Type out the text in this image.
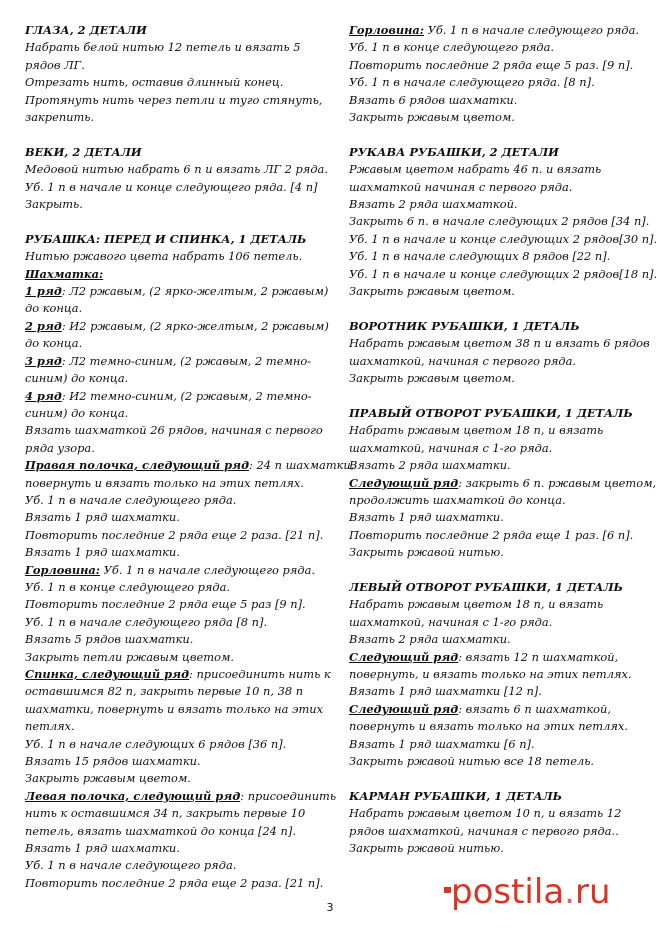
ГЛАЗА, 2 ДЕТАЛИ
Набрать белой нитью 12 петель и вязать 5
рядов ЛГ.
Отрезать нить, оставив длинный конец.
Протянуть нить через петли и туго стянуть,
закрепить.
ВЕКИ, 2 ДЕТАЛИ
Медовой нитью набрать 6 п и вязать ЛГ 2 ряда.
Уб. 1 п в начале и конце следующего ряда. [4 п]
Закрыть.
РУБАШКА: ПЕРЕД И СПИНКА, 1 ДЕТАЛЬ
Нитью ржавого цвета набрать 106 петель.
Шахматка:
1 ряд: Л2 ржавым, (2 ярко-желтым, 2 ржавым)
до конца.
2 ряд: И2 ржавым, (2 ярко-желтым, 2 ржавым)
до конца.
3 ряд: Л2 темно-синим, (2 ржавым, 2 темно-
синим) до конца.
4 ряд: И2 темно-синим, (2 ржавым, 2 темно-
синим) до конца.
Вязать шахматкой 26 рядов, начиная с первого
ряда узора.
Правая полочка, следующий ряд: 24 п шахматки,
повернуть и вязать только на этих петлях.
Уб. 1 п в начале следующего ряда.
Вязать 1 ряд шахматки.
Повторить последние 2 ряда еще 2 раза. [21 п].
Вязать 1 ряд шахматки.
Горловина: Уб. 1 п в начале следующего ряда.
Уб. 1 п в конце следующего ряда.
Повторить последние 2 ряда еще 5 раз [9 п].
Уб. 1 п в начале следующего ряда [8 п].
Вязать 5 рядов шахматки.
Закрыть петли ржавым цветом.
Спинка, следующий ряд: присоединить нить к
оставшимся 82 п, закрыть первые 10 п, 38 п
шахматки, повернуть и вязать только на этих
петлях.
Уб. 1 п в начале следующих 6 рядов [36 п].
Вязать 15 рядов шахматки.
Закрыть ржавым цветом.
Левая полочка, следующий ряд: присоединить
нить к оставшимся 34 п, закрыть первые 10
петель, вязать шахматкой до конца [24 п].
Вязать 1 ряд шахматки.
Уб. 1 п в начале следующего ряда.
Повторить последние 2 ряда еще 2 раза. [21 п].
Горловина: Уб. 1 п в начале следующего ряда.
Уб. 1 п в конце следующего ряда.
Повторить последние 2 ряда еще 5 раз. [9 п].
Уб. 1 п в начале следующего ряда. [8 п].
Вязать 6 рядов шахматки.
Закрыть ржавым цветом.
РУКАВА РУБАШКИ, 2 ДЕТАЛИ
Ржавым цветом набрать 46 п. и вязать
шахматкой начиная с первого ряда.
Вязать 2 ряда шахматкой.
Закрыть 6 п. в начале следующих 2 рядов [34 п].
Уб. 1 п в начале и конце следующих 2 рядов[30 п].
Уб. 1 п в начале следующих 8 рядов [22 п].
Уб. 1 п в начале и конце следующих 2 рядов[18 п].
Закрыть ржавым цветом.
ВОРОТНИК РУБАШКИ, 1 ДЕТАЛЬ
Набрать ржавым цветом 38 п и вязать 6 рядов
шахматкой, начиная с первого ряда.
Закрыть ржавым цветом.
ПРАВЫЙ ОТВОРОТ РУБАШКИ, 1 ДЕТАЛЬ
Набрать ржавым цветом 18 п, и вязать
шахматкой, начиная с 1-го ряда.
Вязать 2 ряда шахматки.
Следующий ряд: закрыть 6 п. ржавым цветом,
продолжить шахматкой до конца.
Вязать 1 ряд шахматки.
Повторить последние 2 ряда еще 1 раз. [6 п].
Закрыть ржавой нитью.
ЛЕВЫЙ ОТВОРОТ РУБАШКИ, 1 ДЕТАЛЬ
Набрать ржавым цветом 18 п, и вязать
шахматкой, начиная с 1-го ряда.
Вязать 2 ряда шахматки.
Следующий ряд: вязать 12 п шахматкой,
повернуть, и вязать только на этих петлях.
Вязать 1 ряд шахматки [12 п].
Следующий ряд: вязать 6 п шахматкой,
повернуть и вязать только на этих петлях.
Вязать 1 ряд шахматки [6 п].
Закрыть ржавой нитью все 18 петель.
КАРМАН РУБАШКИ, 1 ДЕТАЛЬ
Набрать ржавым цветом 10 п, и вязать 12
рядов шахматкой, начиная с первого ряда..
Закрыть ржавой нитью.
3	postila.ru
